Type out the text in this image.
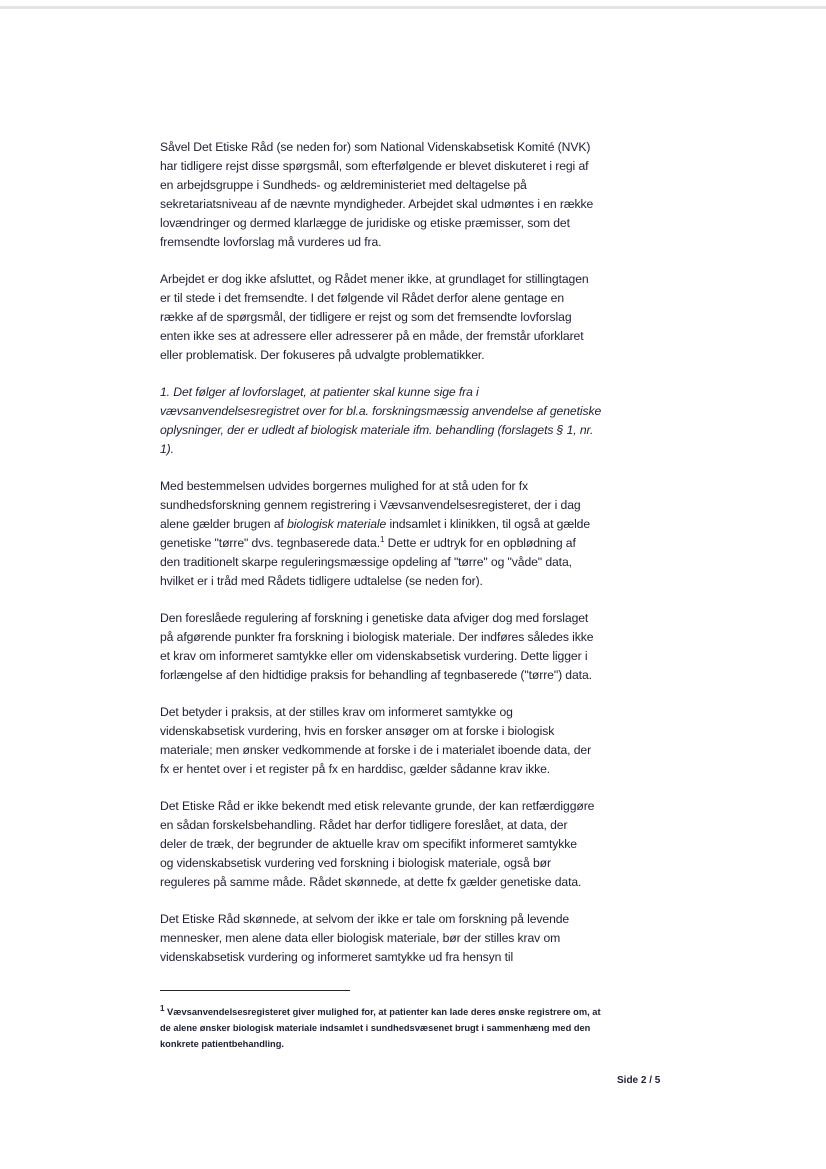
Såvel Det Etiske Råd (se neden for) som National Videnskabsetisk Komité (NVK)
har tidligere rejst disse spørgsmål, som efterfølgende er blevet diskuteret i regi af
en arbejdsgruppe i Sundheds- og ældreministeriet med deltagelse på
sekretariatsniveau af de nævnte myndigheder. Arbejdet skal udmøntes i en række
lovændringer og dermed klarlægge de juridiske og etiske præmisser, som det
fremsendte lovforslag må vurderes ud fra.

Arbejdet er dog ikke afsluttet, og Rådet mener ikke, at grundlaget for stillingtagen
er til stede i det fremsendte. I det følgende vil Rådet derfor alene gentage en
række af de spørgsmål, der tidligere er rejst og som det fremsendte lovforslag
enten ikke ses at adressere eller adresserer på en måde, der fremstår uforklaret
eller problematisk. Der fokuseres på udvalgte problematikker.

1. Det følger af lovforslaget, at patienter skal kunne sige fra i
vævsanvendelsesregistret over for bl.a. forskningsmæssig anvendelse af genetiske
oplysninger, der er udledt af biologisk materiale ifm. behandling (forslagets § 1, nr.
1).

Med bestemmelsen udvides borgernes mulighed for at stå uden for fx
sundhedsforskning gennem registrering i Vævsanvendelsesregisteret, der i dag
alene gælder brugen af biologisk materiale indsamlet i klinikken, til også at gælde
genetiske "tørre" dvs. tegnbaserede data.$^1$ Dette er udtryk for en opblødning af
den traditionelt skarpe reguleringsmæssige opdeling af "tørre" og "våde" data,
hvilket er i tråd med Rådets tidligere udtalelse (se neden for).

Den foreslåede regulering af forskning i genetiske data afviger dog med forslaget
på afgørende punkter fra forskning i biologisk materiale. Der indføres således ikke
et krav om informeret samtykke eller om videnskabsetisk vurdering. Dette ligger i
forlængelse af den hidtidige praksis for behandling af tegnbaserede ("tørre") data.

Det betyder i praksis, at der stilles krav om informeret samtykke og
videnskabsetisk vurdering, hvis en forsker ansøger om at forske i biologisk
materiale; men ønsker vedkommende at forske i de i materialet iboende data, der
fx er hentet over i et register på fx en harddisc, gælder sådanne krav ikke.

Det Etiske Råd er ikke bekendt med etisk relevante grunde, der kan retfærdiggøre
en sådan forskelsbehandling. Rådet har derfor tidligere foreslået, at data, der
deler de træk, der begrunder de aktuelle krav om specifikt informeret samtykke
og videnskabsetisk vurdering ved forskning i biologisk materiale, også bør
reguleres på samme måde. Rådet skønnede, at dette fx gælder genetiske data.

Det Etiske Råd skønnede, at selvom der ikke er tale om forskning på levende
mennesker, men alene data eller biologisk materiale, bør der stilles krav om
videnskabsetisk vurdering og informeret samtykke ud fra hensyn til

$^1$ Vævsanvendelsesregisteret giver mulighed for, at patienter kan lade deres ønske registrere om, at
de alene ønsker biologisk materiale indsamlet i sundhedsvæsenet brugt i sammenhæng med den
konkrete patientbehandling.
Side 2 / 5
